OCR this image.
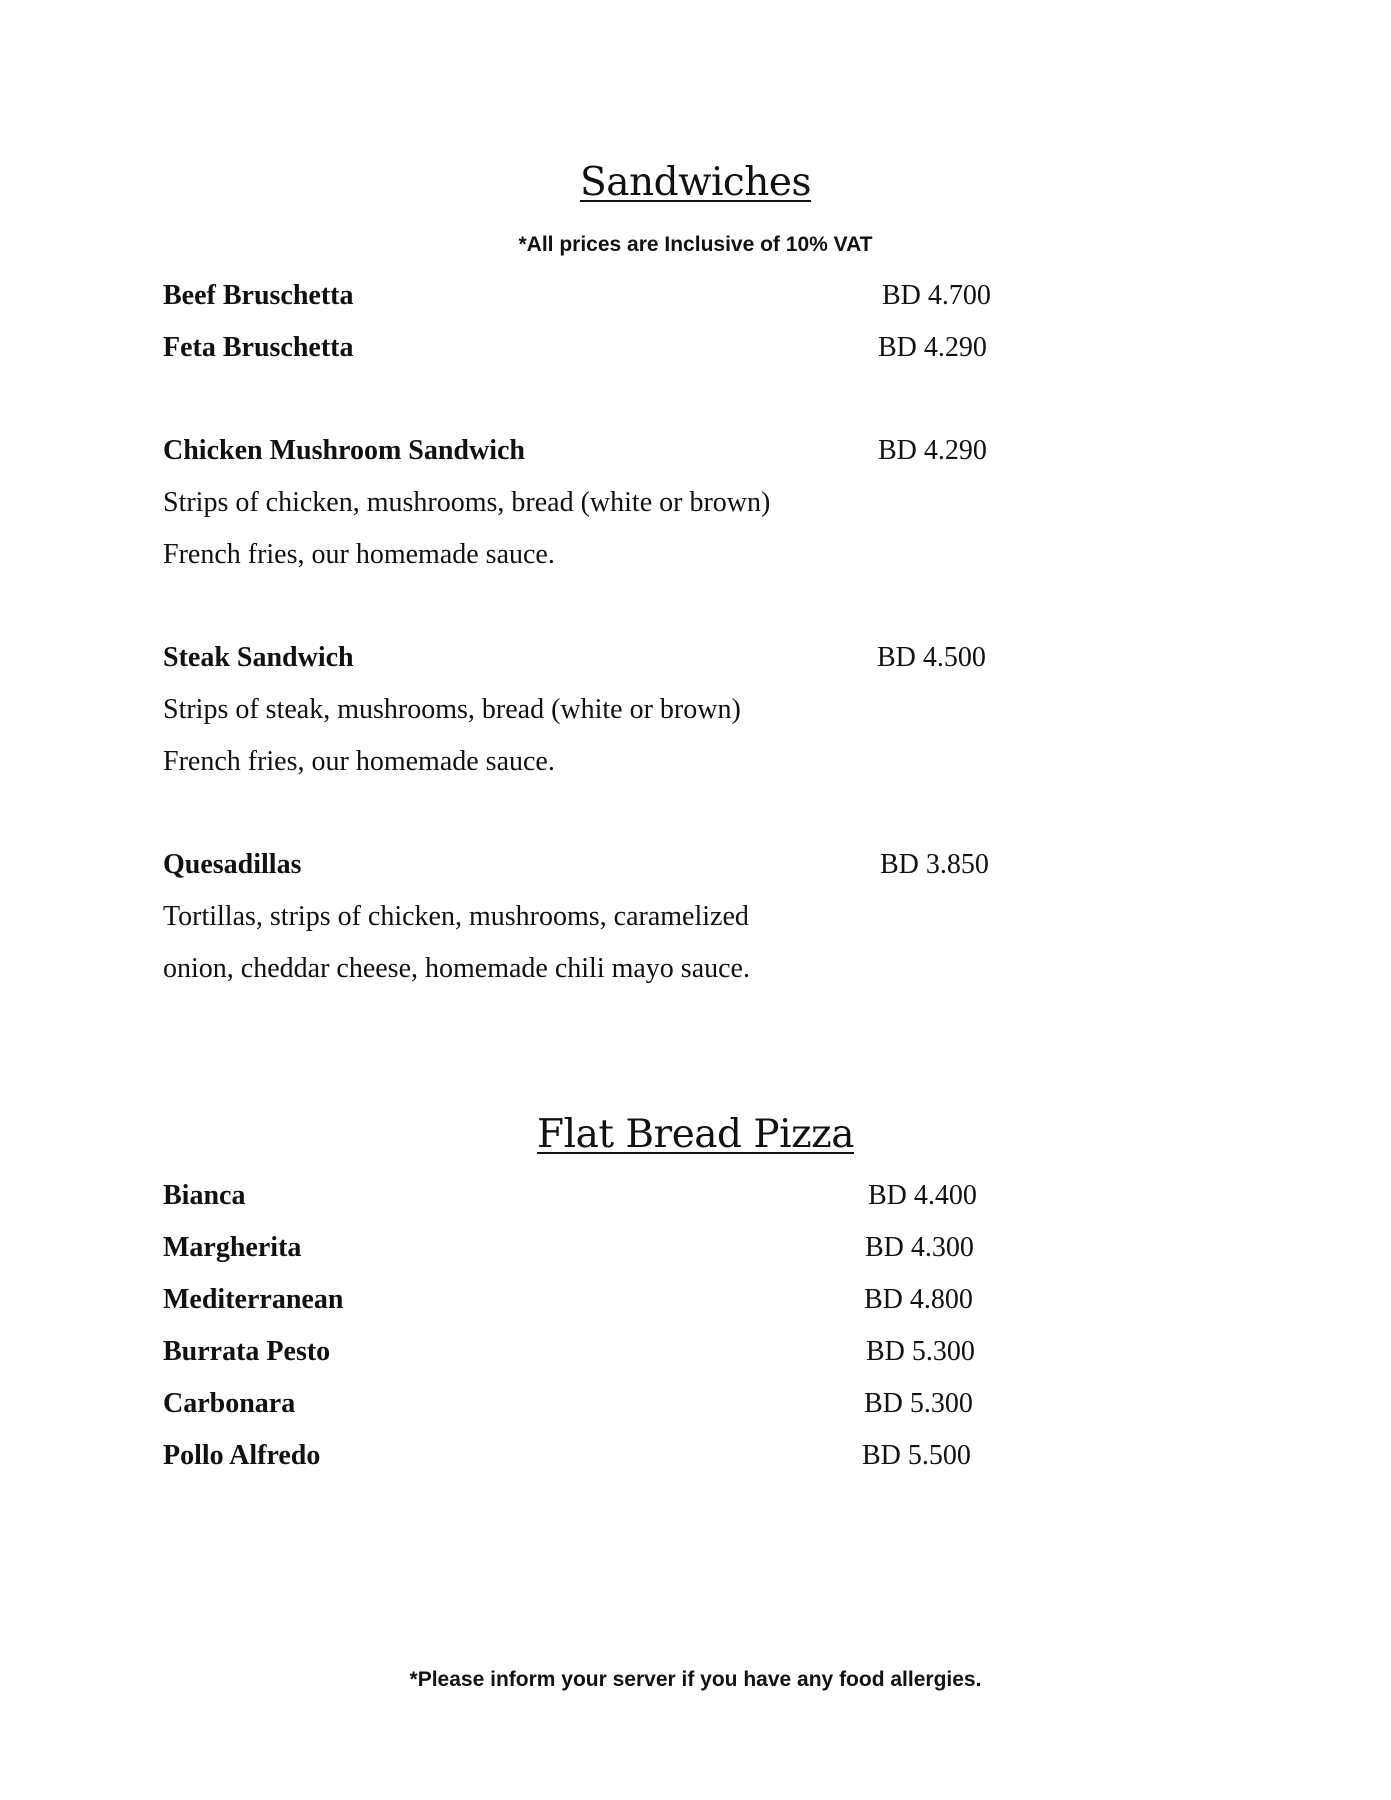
Sandwiches
*All prices are Inclusive of 10% VAT
Beef Bruschetta	BD 4.700
Feta Bruschetta	BD 4.290
Chicken Mushroom Sandwich	BD 4.290
Strips of chicken, mushrooms, bread (white or brown)
French fries, our homemade sauce.
Steak Sandwich	BD 4.500
Strips of steak, mushrooms, bread (white or brown)
French fries, our homemade sauce.
Quesadillas	BD 3.850
Tortillas, strips of chicken, mushrooms, caramelized
onion, cheddar cheese, homemade chili mayo sauce.
Flat Bread Pizza
Bianca	BD 4.400
Margherita	BD 4.300
Mediterranean	BD 4.800
Burrata Pesto	BD 5.300
Carbonara	BD 5.300
Pollo Alfredo	BD 5.500
*Please inform your server if you have any food allergies.
